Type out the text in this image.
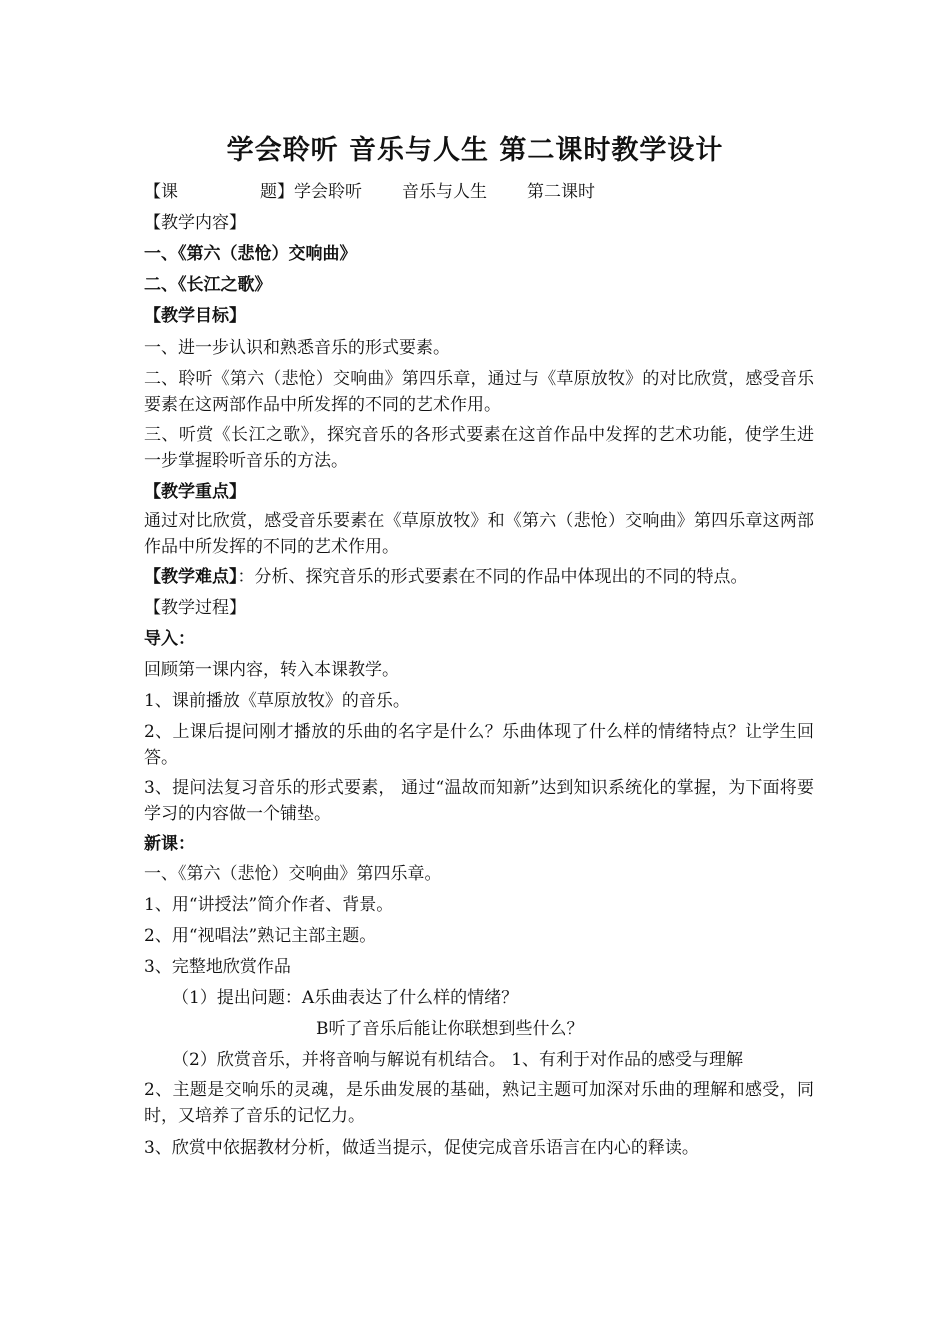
学会聆听 音乐与人生 第二课时教学设计
【课	题】学会聆听 音乐与人生 第二课时
【教学内容】
一、《第六（悲怆）交响曲》
二、《长江之歌》
【教学目标】
一、进一步认识和熟悉音乐的形式要素。
二、聆听《第六（悲怆）交响曲》第四乐章，通过与《草原放牧》的对比欣赏，感受音乐要素在这两部作品中所发挥的不同的艺术作用。
三、听赏《长江之歌》，探究音乐的各形式要素在这首作品中发挥的艺术功能，使学生进一步掌握聆听音乐的方法。
【教学重点】
通过对比欣赏，感受音乐要素在《草原放牧》和《第六（悲怆）交响曲》第四乐章这两部作品中所发挥的不同的艺术作用。
【教学难点】：分析、探究音乐的形式要素在不同的作品中体现出的不同的特点。
【教学过程】
导入：
回顾第一课内容，转入本课教学。
1、课前播放《草原放牧》的音乐。
2、上课后提问刚才播放的乐曲的名字是什么？乐曲体现了什么样的情绪特点？让学生回答。
3、提问法复习音乐的形式要素， 通过“温故而知新”达到知识系统化的掌握，为下面将要学习的内容做一个铺垫。
新课：
一、《第六（悲怆）交响曲》第四乐章。
1、用“讲授法”简介作者、背景。
2、用“视唱法”熟记主部主题。
3、完整地欣赏作品
（1）提出问题：A乐曲表达了什么样的情绪？
B听了音乐后能让你联想到些什么？
（2）欣赏音乐，并将音响与解说有机结合。 1、有利于对作品的感受与理解
2、主题是交响乐的灵魂，是乐曲发展的基础，熟记主题可加深对乐曲的理解和感受，同时，又培养了音乐的记忆力。
3、欣赏中依据教材分析，做适当提示，促使完成音乐语言在内心的释读。
